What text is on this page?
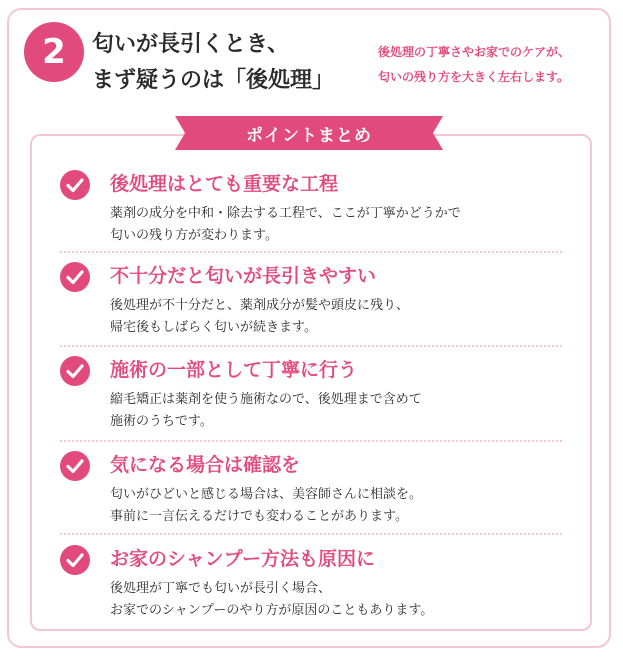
2 匂いが長引くとき、
まず疑うのは「後処理」
後処理の丁寧さやお家でのケアが、
匂いの残り方を大きく左右します。
ポイントまとめ
後処理はとても重要な工程
薬剤の成分を中和・除去する工程で、ここが丁寧かどうかで
匂いの残り方が変わります。
不十分だと匂いが長引きやすい
後処理が不十分だと、薬剤成分が髪や頭皮に残り、
帰宅後もしばらく匂いが続きます。
施術の一部として丁寧に行う
縮毛矯正は薬剤を使う施術なので、後処理まで含めて
施術のうちです。
気になる場合は確認を
匂いがひどいと感じる場合は、美容師さんに相談を。
事前に一言伝えるだけでも変わることがあります。
お家のシャンプー方法も原因に
後処理が丁寧でも匂いが長引く場合、
お家でのシャンプーのやり方が原因のこともあります。
